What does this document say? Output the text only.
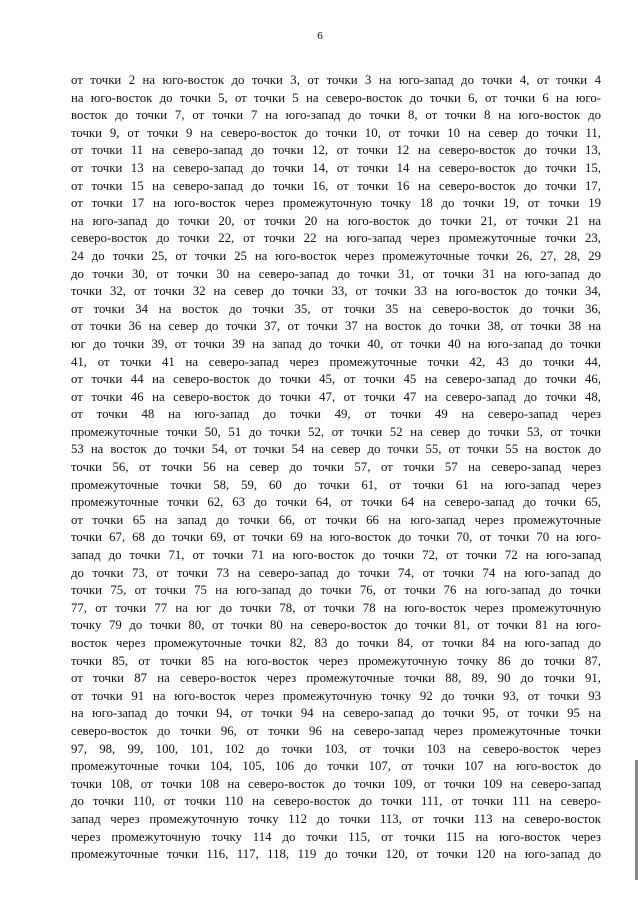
6
от точки 2 на юго-восток до точки 3, от точки 3 на юго-запад до точки 4, от точки 4
на юго-восток до точки 5, от точки 5 на северо-восток до точки 6, от точки 6 на юго-
восток до точки 7, от точки 7 на юго-запад до точки 8, от точки 8 на юго-восток до
точки 9, от точки 9 на северо-восток до точки 10, от точки 10 на север до точки 11,
от точки 11 на северо-запад до точки 12, от точки 12 на северо-восток до точки 13,
от точки 13 на северо-запад до точки 14, от точки 14 на северо-восток до точки 15,
от точки 15 на северо-запад до точки 16, от точки 16 на северо-восток до точки 17,
от точки 17 на юго-восток через промежуточную точку 18 до точки 19, от точки 19
на юго-запад до точки 20, от точки 20 на юго-восток до точки 21, от точки 21 на
северо-восток до точки 22, от точки 22 на юго-запад через промежуточные точки 23,
24 до точки 25, от точки 25 на юго-восток через промежуточные точки 26, 27, 28, 29
до точки 30, от точки 30 на северо-запад до точки 31, от точки 31 на юго-запад до
точки 32, от точки 32 на север до точки 33, от точки 33 на юго-восток до точки 34,
от точки 34 на восток до точки 35, от точки 35 на северо-восток до точки 36,
от точки 36 на север до точки 37, от точки 37 на восток до точки 38, от точки 38 на
юг до точки 39, от точки 39 на запад до точки 40, от точки 40 на юго-запад до точки
41, от точки 41 на северо-запад через промежуточные точки 42, 43 до точки 44,
от точки 44 на северо-восток до точки 45, от точки 45 на северо-запад до точки 46,
от точки 46 на северо-восток до точки 47, от точки 47 на северо-запад до точки 48,
от точки 48 на юго-запад до точки 49, от точки 49 на северо-запад через
промежуточные точки 50, 51 до точки 52, от точки 52 на север до точки 53, от точки
53 на восток до точки 54, от точки 54 на север до точки 55, от точки 55 на восток до
точки 56, от точки 56 на север до точки 57, от точки 57 на северо-запад через
промежуточные точки 58, 59, 60 до точки 61, от точки 61 на юго-запад через
промежуточные точки 62, 63 до точки 64, от точки 64 на северо-запад до точки 65,
от точки 65 на запад до точки 66, от точки 66 на юго-запад через промежуточные
точки 67, 68 до точки 69, от точки 69 на юго-восток до точки 70, от точки 70 на юго-
запад до точки 71, от точки 71 на юго-восток до точки 72, от точки 72 на юго-запад
до точки 73, от точки 73 на северо-запад до точки 74, от точки 74 на юго-запад до
точки 75, от точки 75 на юго-запад до точки 76, от точки 76 на юго-запад до точки
77, от точки 77 на юг до точки 78, от точки 78 на юго-восток через промежуточную
точку 79 до точки 80, от точки 80 на северо-восток до точки 81, от точки 81 на юго-
восток через промежуточные точки 82, 83 до точки 84, от точки 84 на юго-запад до
точки 85, от точки 85 на юго-восток через промежуточную точку 86 до точки 87,
от точки 87 на северо-восток через промежуточные точки 88, 89, 90 до точки 91,
от точки 91 на юго-восток через промежуточную точку 92 до точки 93, от точки 93
на юго-запад до точки 94, от точки 94 на северо-запад до точки 95, от точки 95 на
северо-восток до точки 96, от точки 96 на северо-запад через промежуточные точки
97, 98, 99, 100, 101, 102 до точки 103, от точки 103 на северо-восток через
промежуточные точки 104, 105, 106 до точки 107, от точки 107 на юго-восток до
точки 108, от точки 108 на северо-восток до точки 109, от точки 109 на северо-запад
до точки 110, от точки 110 на северо-восток до точки 111, от точки 111 на северо-
запад через промежуточную точку 112 до точки 113, от точки 113 на северо-восток
через промежуточную точку 114 до точки 115, от точки 115 на юго-восток через
промежуточные точки 116, 117, 118, 119 до точки 120, от точки 120 на юго-запад до
